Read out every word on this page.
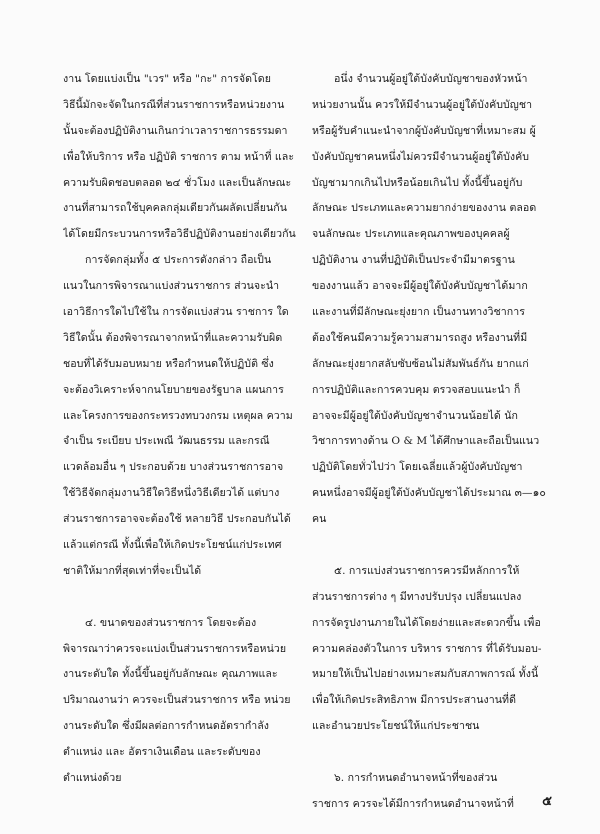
งาน โดยแบ่งเป็น "เวร" หรือ "กะ" การจัดโดย
วิธีนี้มักจะจัดในกรณีที่ส่วนราชการหรือหน่วยงาน
นั้นจะต้องปฏิบัติงานเกินกว่าเวลาราชการธรรมดา
เพื่อให้บริการ หรือ ปฏิบัติ ราชการ ตาม หน้าที่ และ
ความรับผิดชอบตลอด ๒๔ ชั่วโมง และเป็นลักษณะ
งานที่สามารถใช้บุคคลกลุ่มเดียวกันผลัดเปลี่ยนกัน
ได้โดยมีกระบวนการหรือวิธีปฏิบัติงานอย่างเดียวกัน
การจัดกลุ่มทั้ง ๕ ประการดังกล่าว ถือเป็น
แนวในการพิจารณาแบ่งส่วนราชการ ส่วนจะนำ
เอาวิธีการใดไปใช้ใน การจัดแบ่งส่วน ราชการ ใด
วิธีใดนั้น ต้องพิจารณาจากหน้าที่และความรับผิด
ชอบที่ได้รับมอบหมาย หรือกำหนดให้ปฏิบัติ ซึ่ง
จะต้องวิเคราะห์จากนโยบายของรัฐบาล แผนการ
และโครงการของกระทรวงทบวงกรม เหตุผล ความ
จำเป็น ระเบียบ ประเพณี วัฒนธรรม และกรณี
แวดล้อมอื่น ๆ ประกอบด้วย บางส่วนราชการอาจ
ใช้วิธีจัดกลุ่มงานวิธีใดวิธีหนึ่งวิธีเดียวได้ แต่บาง
ส่วนราชการอาจจะต้องใช้ หลายวิธี ประกอบกันได้
แล้วแต่กรณี ทั้งนี้เพื่อให้เกิดประโยชน์แก่ประเทศ
ชาติให้มากที่สุดเท่าที่จะเป็นได้
๔. ขนาดของส่วนราชการ โดยจะต้อง
พิจารณาว่าควรจะแบ่งเป็นส่วนราชการหรือหน่วย
งานระดับใด ทั้งนี้ขึ้นอยู่กับลักษณะ คุณภาพและ
ปริมาณงานว่า ควรจะเป็นส่วนราชการ หรือ หน่วย
งานระดับใด ซึ่งมีผลต่อการกำหนดอัตรากำลัง
ตำแหน่ง และ อัตราเงินเดือน และระดับของ
ตำแหน่งด้วย
อนึ่ง จำนวนผู้อยู่ใต้บังคับบัญชาของหัวหน้า
หน่วยงานนั้น ควรให้มีจำนวนผู้อยู่ใต้บังคับบัญชา
หรือผู้รับคำแนะนำจากผู้บังคับบัญชาที่เหมาะสม ผู้
บังคับบัญชาคนหนึ่งไม่ควรมีจำนวนผู้อยู่ใต้บังคับ
บัญชามากเกินไปหรือน้อยเกินไป ทั้งนี้ขึ้นอยู่กับ
ลักษณะ ประเภทและความยากง่ายของงาน ตลอด
จนลักษณะ ประเภทและคุณภาพของบุคคลผู้
ปฏิบัติงาน งานที่ปฏิบัติเป็นประจำมีมาตรฐาน
ของงานแล้ว อาจจะมีผู้อยู่ใต้บังคับบัญชาได้มาก
และงานที่มีลักษณะยุ่งยาก เป็นงานทางวิชาการ
ต้องใช้คนมีความรู้ความสามารถสูง หรืองานที่มี
ลักษณะยุ่งยากสลับซับซ้อนไม่สัมพันธ์กัน ยากแก่
การปฏิบัติและการควบคุม ตรวจสอบแนะนำ ก็
อาจจะมีผู้อยู่ใต้บังคับบัญชาจำนวนน้อยได้ นัก
วิชาการทางด้าน O & M ได้ศึกษาและถือเป็นแนว
ปฏิบัติโดยทั่วไปว่า โดยเฉลี่ยแล้วผู้บังคับบัญชา
คนหนึ่งอาจมีผู้อยู่ใต้บังคับบัญชาได้ประมาณ ๓—๑๐
คน
๕. การแบ่งส่วนราชการควรมีหลักการให้
ส่วนราชการต่าง ๆ มีทางปรับปรุง เปลี่ยนแปลง
การจัดรูปงานภายในได้โดยง่ายและสะดวกขึ้น เพื่อ
ความคล่องตัวในการ บริหาร ราชการ ที่ได้รับมอบ-
หมายให้เป็นไปอย่างเหมาะสมกับสภาพการณ์ ทั้งนี้
เพื่อให้เกิดประสิทธิภาพ มีการประสานงานที่ดี
และอำนวยประโยชน์ให้แก่ประชาชน
๖. การกำหนดอำนาจหน้าที่ของส่วน
ราชการ ควรจะได้มีการกำหนดอำนาจหน้าที่	๕
